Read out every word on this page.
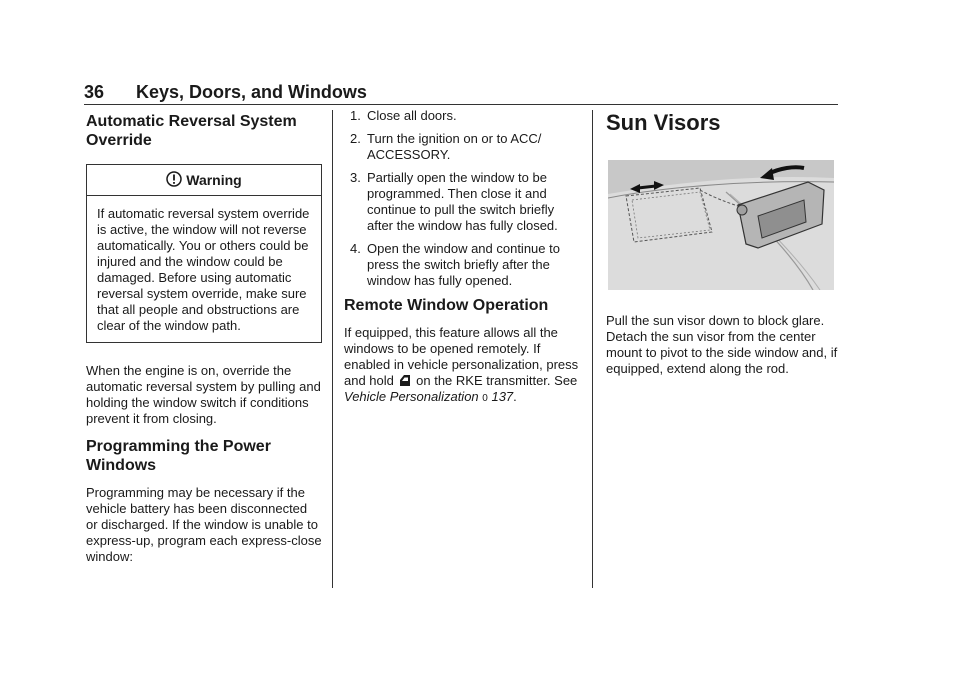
36 Keys, Doors, and Windows
Automatic Reversal System Override
Warning
If automatic reversal system override is active, the window will not reverse automatically. You or others could be injured and the window could be damaged. Before using automatic reversal system override, make sure that all people and obstructions are clear of the window path.

When the engine is on, override the automatic reversal system by pulling and holding the window switch if conditions prevent it from closing.

Programming the Power Windows

Programming may be necessary if the vehicle battery has been disconnected or discharged. If the window is unable to express-up, program each express-close window:

1. Close all doors.
2. Turn the ignition on or to ACC/ ACCESSORY.
3. Partially open the window to be programmed. Then close it and continue to pull the switch briefly after the window has fully closed.
4. Open the window and continue to press the switch briefly after the window has fully opened.
Remote Window Operation

If equipped, this feature allows all the windows to be opened remotely. If enabled in vehicle personalization, press and hold on the RKE transmitter. See Vehicle Personalization 0 137.

Sun Visors

Pull the sun visor down to block glare. Detach the sun visor from the center mount to pivot to the side window and, if equipped, extend along the rod.
